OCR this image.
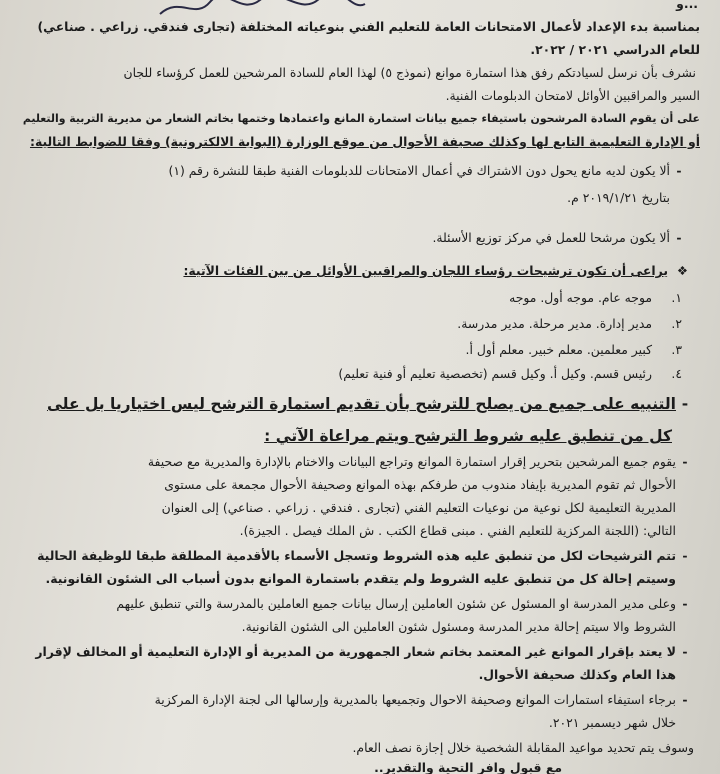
...و
بمناسبة بدء الإعداد لأعمال الامتحانات العامة للتعليم الفني بنوعياته المختلفة (تجارى فندقي. زراعي . صناعي)
للعام الدراسي ٢٠٢١ / ٢٠٢٢.
نشرف بأن نرسل لسيادتكم رفق هذا استمارة موانع (نموذج ٥) لهذا العام للسادة المرشحين للعمل كرؤساء للجان
السير والمراقبين الأوائل لامتحان الدبلومات الفنية.
على أن يقوم السادة المرشحون باستيفاء جميع بيانات استمارة المانع واعتمادها وختمها بخاتم الشعار من مديرية التربية والتعليم
أو الإدارة التعليمية التابع لها وكذلك صحيفة الأحوال من موقع الوزارة (البوابة الالكترونية) وفقا للضوابط التالية:
-ألا يكون لديه مانع يحول دون الاشتراك في أعمال الامتحانات للدبلومات الفنية طبقا للنشرة رقم (١)
بتاريخ ٢٠١٩/١/٢١ م.
-ألا يكون مرشحا للعمل في مركز توزيع الأسئلة.
❖يراعى أن تكون ترشيحات رؤساء اللجان والمراقبين الأوائل من بين الفئات الآتية:
١.موجه عام. موجه أول. موجه
٢.مدير إدارة. مدير مرحلة. مدير مدرسة.
٣.كبير معلمين. معلم خبير. معلم أول أ.
٤.رئيس قسم. وكيل أ. وكيل قسم (تخصصية تعليم أو فنية تعليم)
-التنبيه على جميع من يصلح للترشح بأن تقديم استمارة الترشح ليس اختياريا بل على
كل من تنطبق عليه شروط الترشح ويتم مراعاة الآتي :
-يقوم جميع المرشحين بتحرير إقرار استمارة الموانع وتراجع البيانات والاختام بالإدارة والمديرية مع صحيفة
الأحوال ثم تقوم المديرية بإيفاد مندوب من طرفكم بهذه الموانع وصحيفة الأحوال مجمعة على مستوى
المديرية التعليمية لكل نوعية من نوعيات التعليم الفني (تجارى . فندقي . زراعي . صناعي) إلى العنوان
التالي: (اللجنة المركزية للتعليم الفني . مبنى قطاع الكتب . ش الملك فيصل . الجيزة).
-تتم الترشيحات لكل من تنطبق عليه هذه الشروط وتسجل الأسماء بالأقدمية المطلقة طبقا للوظيفة الحالية
وسيتم إحالة كل من تنطبق عليه الشروط ولم يتقدم باستمارة الموانع بدون أسباب الى الشئون القانونية.
-وعلى مدير المدرسة او المسئول عن شئون العاملين إرسال بيانات جميع العاملين بالمدرسة والتي تنطبق عليهم
الشروط والا سيتم إحالة مدير المدرسة ومسئول شئون العاملين الى الشئون القانونية.
-لا يعتد بإقرار الموانع غير المعتمد بخاتم شعار الجمهورية من المديرية أو الإدارة التعليمية أو المخالف لإقرار
هذا العام وكذلك صحيفة الأحوال.
-برجاء استيفاء استمارات الموانع وصحيفة الاحوال وتجميعها بالمديرية وإرسالها الى لجنة الإدارة المركزية
خلال شهر ديسمبر ٢٠٢١.
وسوف يتم تحديد مواعيد المقابلة الشخصية خلال إجازة نصف العام.
مع قبول وافر التحية والتقدير..
